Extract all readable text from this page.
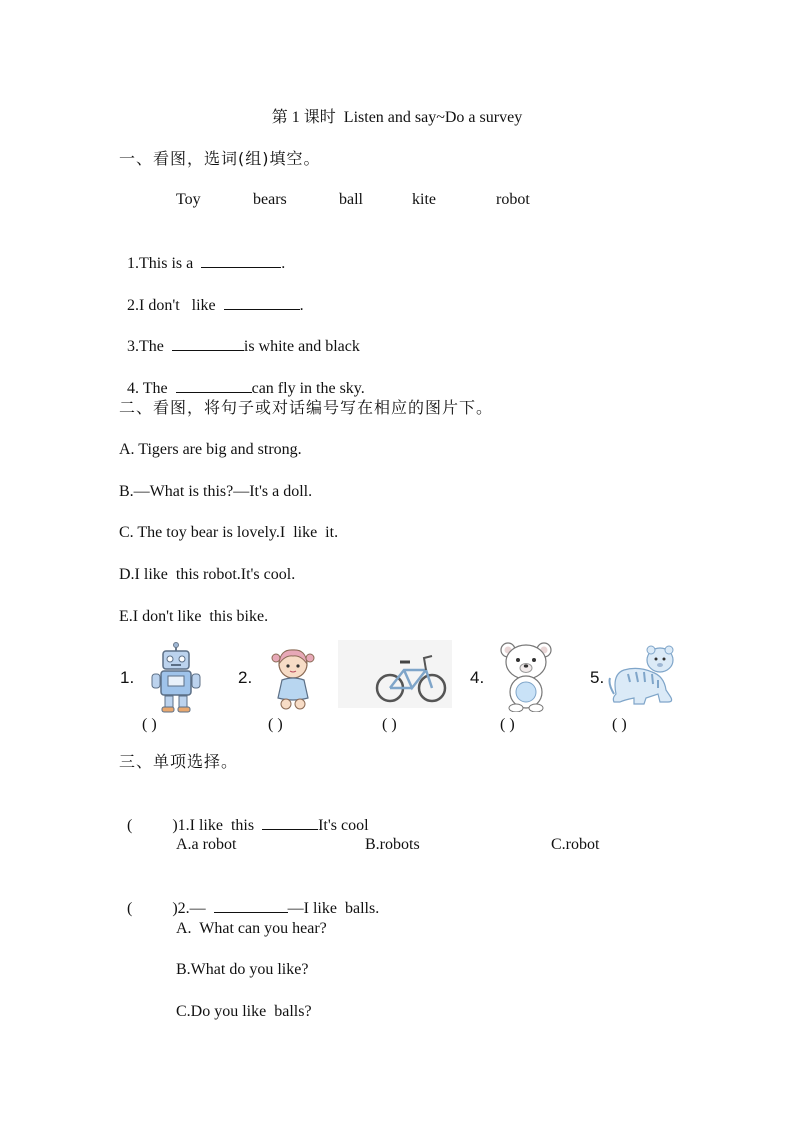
第 1 课时  Listen and say~Do a survey
一、看图，选词(组)填空。
Toy	bears	ball	kite	robot

1.This is a	.

2.I don't   like	.

3.The	is white and black

4. The	can fly in the sky.

二、看图，将句子或对话编号写在相应的图片下。
A. Tigers are big and strong.
B.—What is this?—It's a doll.
C. The toy bear is lovely.I  like  it.
D.I like  this robot.It's cool.
E.I don't like  this bike.
1.
( )
2.
( )	( )
4.
( )
5.
( )
三、单项选择。

(          )1.I like  this	It's cool

A.a robot	B.robots	C.robot

(          )2.—	—I like  balls.

A.  What can you hear?
B.What do you like?
C.Do you like  balls?
